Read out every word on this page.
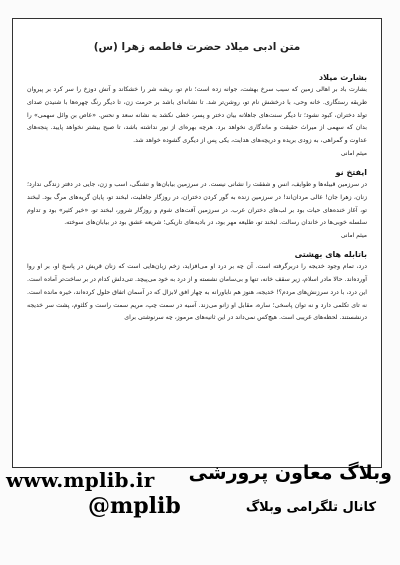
متن ادبی میلاد حضرت فاطمه زهرا (س)
بشارت میلاد

بشارت باد بر اهالی زمین که سیب سرخ بهشت، جوانه زده است؛ نام تو، ریشه شر را خشکاند و آتش دوزخ را سر کرد بر پیروان طریقه رستگاری. خانه وحی، با درخشش نام تو، روشن‌تر شد. تا نشانه‌ای باشد بر حرمت زن، تا دیگر رنگ چهره‌ها با شنیدن صدای تولد دختران، کبود نشود؛ تا دیگر سنت‌های جاهلانه بیان دختر و پسر، خطی نکشد به نشانه سعد و نحس. «عاص بن وائل سهمی» را بدان که سهمی از میراث حقیقت و ماندگاری نخواهد برد. هرچه بهره‌ای از نور نداشته باشد، تا صبح بیشتر نخواهد پایید. پنجه‌های عداوت و گمراهی، به زودی بریده و دریچه‌های هدایت، یکی پس از دیگری گشوده خواهد شد.

میثم امانی

ایفتخ نو

در سرزمین قبیله‌ها و طوایف، انس و شفقت را نشانی نیست. در سرزمین بیابان‌ها و تشنگی، اسب و زن، جایی در دفتر زندگی ندارد؛ زنان، زهرا جان! عالی مردان‌اند! در سرزمین زنده به گور کردن دختران، در روزگار جاهلیت، لبخند تو، پایان گریه‌های مرگ بود. لبخند تو، آغاز خنده‌های حیات بود بر لب‌های دختران عرب. در سرزمین آفت‌های شوم و روزگار شرور، لبخند تو، «خیر کثیر» بود و تداوم سلسله خوبی‌ها در خاندان رسالت. لبخند تو، طلیعه مهر بود، در بادیه‌های تاریکی؛ شریعه عشق بود در بیابان‌های سوخته.

میثم امانی

باتابله های بهشتی

درد، تمام وجود خدیجه را دربرگرفته است. آن چه بر درد او می‌افزاید، زخم زبان‌هایی است که زنان قریش در پاسخ او، بر او روا آورده‌اند. حالا مادر اسلام، زیر سقف خانه، تنها و بی‌سامان نشسته و از درد به خود می‌پیچد. تنی‌دلش کدام در بر ساخت‌تر آماده است. این درد، با درد سرزنش‌های مردم؟! خدیجه، هنوز هم ناباورانه به چهار افق لابزال که در آسمان اتفاق حلول کرده‌اند، خیره مانده است. نه تای تکلمی دارد و نه توان پاسخی؛ ساره، مقابل او زانو می‌زند. آسیه در سمت چپ، مریم سمت راست و کلثوم، پشت سر خدیجه درنشستند. لحظه‌های غریبی است. هیچ‌کس نمی‌داند در این ثانیه‌های مرموز، چه سرنوشتی برای

www.mplib.ir وبلاگ معاون پرورشی
کانال تلگرامی وبلاگ
@mplib
